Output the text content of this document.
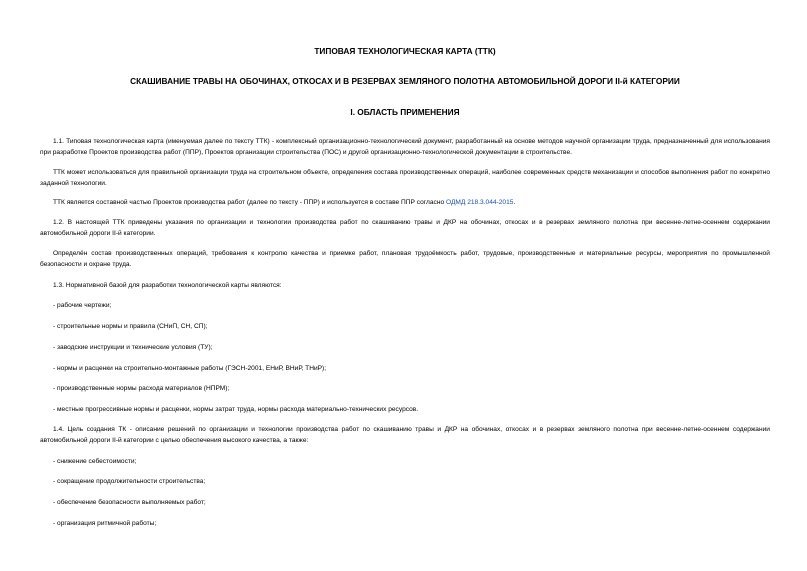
ТИПОВАЯ ТЕХНОЛОГИЧЕСКАЯ КАРТА (ТТК)
СКАШИВАНИЕ ТРАВЫ НА ОБОЧИНАХ, ОТКОСАХ И В РЕЗЕРВАХ ЗЕМЛЯНОГО ПОЛОТНА АВТОМОБИЛЬНОЙ ДОРОГИ II-й КАТЕГОРИИ
I. ОБЛАСТЬ ПРИМЕНЕНИЯ
1.1. Типовая технологическая карта (именуемая далее по тексту ТТК) - комплексный организационно-технологический документ, разработанный на основе методов научной организации труда, предназначенный для использования при разработке Проектов производства работ (ППР), Проектов организации строительства (ПОС) и другой организационно-технологической документации в строительстве.
ТТК может использоваться для правильной организации труда на строительном объекте, определения состава производственных операций, наиболее современных средств механизации и способов выполнения работ по конкретно заданной технологии.
ТТК является составной частью Проектов производства работ (далее по тексту - ППР) и используется в составе ППР согласно ОДМД 218.3.044-2015.
1.2. В настоящей ТТК приведены указания по организации и технологии производства работ по скашиванию травы и ДКР на обочинах, откосах и в резервах земляного полотна при весенне-летне-осеннем содержании автомобильной дороги II-й категории.
Определён состав производственных операций, требования к контролю качества и приемке работ, плановая трудоёмкость работ, трудовые, производственные и материальные ресурсы, мероприятия по промышленной безопасности и охране труда.
1.3. Нормативной базой для разработки технологической карты являются:
- рабочие чертежи;
- строительные нормы и правила (СНиП, СН, СП);
- заводские инструкции и технические условия (ТУ);
- нормы и расценки на строительно-монтажные работы (ГЭСН-2001, ЕНиР, ВНиР, ТНиР);
- производственные нормы расхода материалов (НПРМ);
- местные прогрессивные нормы и расценки, нормы затрат труда, нормы расхода материально-технических ресурсов.
1.4. Цель создания ТК - описание решений по организации и технологии производства работ по скашиванию травы и ДКР на обочинах, откосах и в резервах земляного полотна при весенне-летне-осеннем содержании автомобильной дороги II-й категории с целью обеспечения высокого качества, а также:
- снижение себестоимости;
- сокращение продолжительности строительства;
- обеспечение безопасности выполняемых работ;
- организация ритмичной работы;
